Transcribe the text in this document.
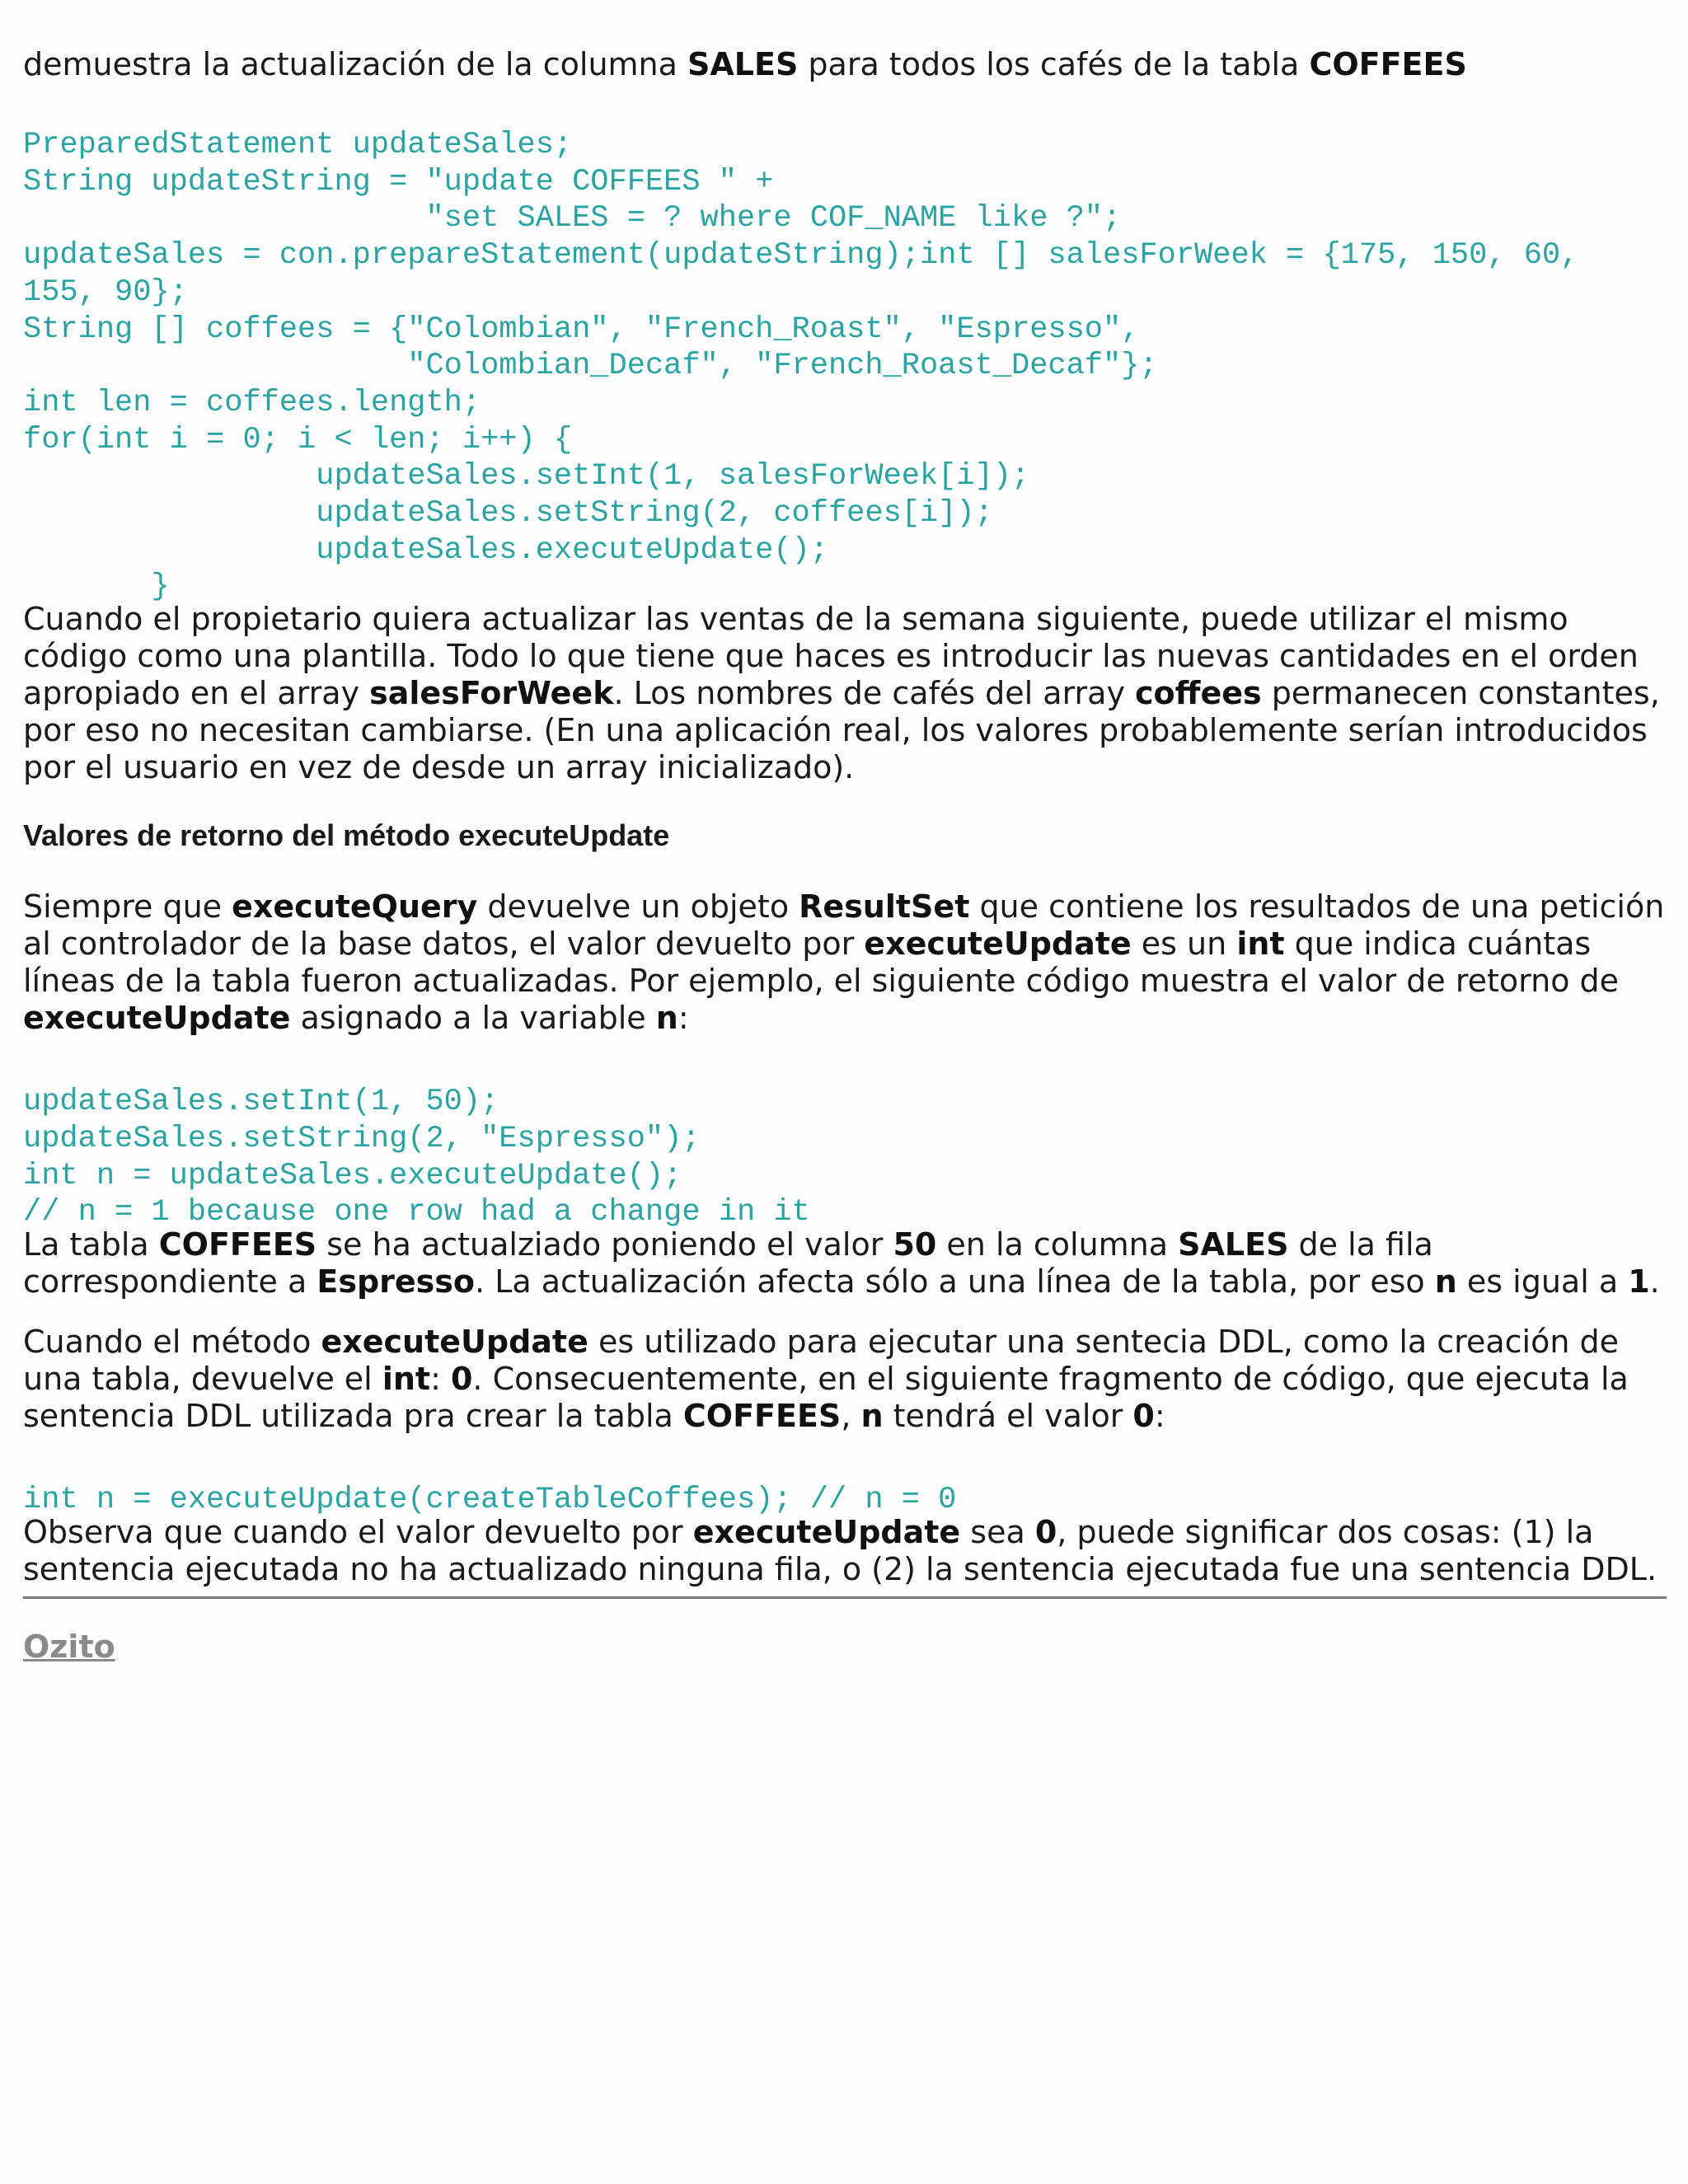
demuestra la actualización de la columna SALES para todos los cafés de la tabla COFFEES

PreparedStatement updateSales;
String updateString = "update COFFEES " +
"set SALES = ? where COF_NAME like ?";
updateSales = con.prepareStatement(updateString);int [] salesForWeek = {175, 150, 60,
155, 90};
String [] coffees = {"Colombian", "French_Roast", "Espresso",
"Colombian_Decaf", "French_Roast_Decaf"};
int len = coffees.length;
for(int i = 0; i < len; i++) {
updateSales.setInt(1, salesForWeek[i]);
updateSales.setString(2, coffees[i]);
updateSales.executeUpdate();
}

Cuando el propietario quiera actualizar las ventas de la semana siguiente, puede utilizar el mismo código como una plantilla. Todo lo que tiene que haces es introducir las nuevas cantidades en el orden apropiado en el array salesForWeek. Los nombres de cafés del array coffees permanecen constantes, por eso no necesitan cambiarse. (En una aplicación real, los valores probablemente serían introducidos por el usuario en vez de desde un array inicializado).

Valores de retorno del método executeUpdate

Siempre que executeQuery devuelve un objeto ResultSet que contiene los resultados de una petición al controlador de la base datos, el valor devuelto por executeUpdate es un int que indica cuántas líneas de la tabla fueron actualizadas. Por ejemplo, el siguiente código muestra el valor de retorno de executeUpdate asignado a la variable n:

updateSales.setInt(1, 50);
updateSales.setString(2, "Espresso");
int n = updateSales.executeUpdate();
// n = 1 because one row had a change in it

La tabla COFFEES se ha actualziado poniendo el valor 50 en la columna SALES de la fila correspondiente a Espresso. La actualización afecta sólo a una línea de la tabla, por eso n es igual a 1.

Cuando el método executeUpdate es utilizado para ejecutar una sentecia DDL, como la creación de una tabla, devuelve el int: 0. Consecuentemente, en el siguiente fragmento de código, que ejecuta la sentencia DDL utilizada pra crear la tabla COFFEES, n tendrá el valor 0:

int n = executeUpdate(createTableCoffees); // n = 0

Observa que cuando el valor devuelto por executeUpdate sea 0, puede significar dos cosas: (1) la sentencia ejecutada no ha actualizado ninguna fila, o (2) la sentencia ejecutada fue una sentencia DDL.

Ozito
